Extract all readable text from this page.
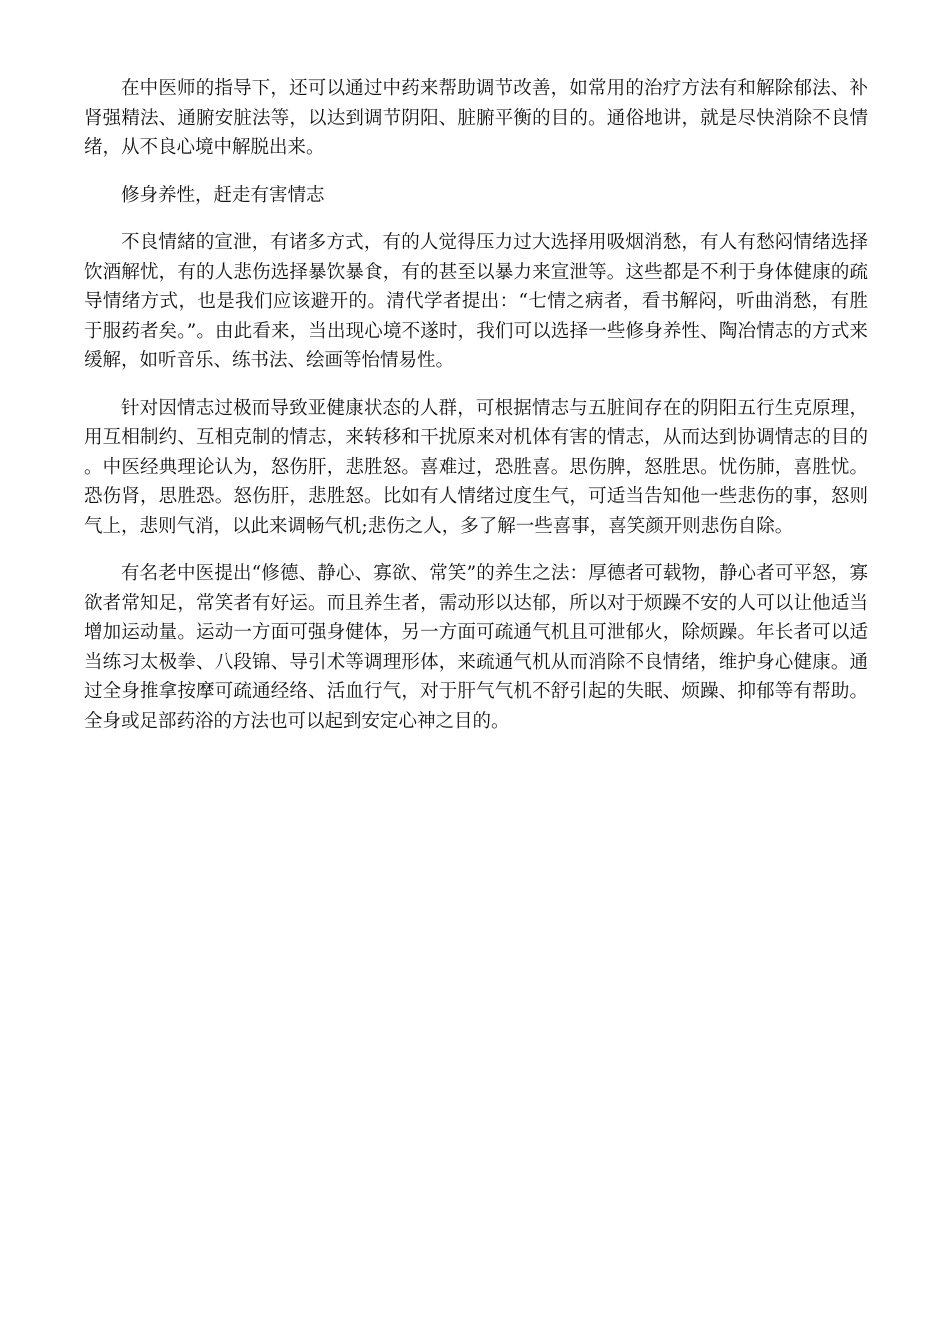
在中医师的指导下，还可以通过中药来帮助调节改善，如常用的治疗方法有和解除郁法、补肾强精法、通腑安脏法等，以达到调节阴阳、脏腑平衡的目的。通俗地讲，就是尽快消除不良情绪，从不良心境中解脱出来。

修身养性，赶走有害情志

不良情緒的宣泄，有诸多方式，有的人觉得压力过大选择用吸烟消愁，有人有愁闷情绪选择饮酒解忧，有的人悲伤选择暴饮暴食，有的甚至以暴力来宣泄等。这些都是不利于身体健康的疏导情绪方式，也是我们应该避开的。清代学者提出：“七情之病者，看书解闷，听曲消愁，有胜于服药者矣。”。由此看来，当出现心境不遂时，我们可以选择一些修身养性、陶冶情志的方式来缓解，如听音乐、练书法、绘画等怡情易性。

针对因情志过极而导致亚健康状态的人群，可根据情志与五脏间存在的阴阳五行生克原理，用互相制约、互相克制的情志，来转移和干扰原来对机体有害的情志，从而达到协调情志的目的。中医经典理论认为，怒伤肝，悲胜怒。喜难过，恐胜喜。思伤脾，怒胜思。忧伤肺，喜胜忧。恐伤肾，思胜恐。怒伤肝，悲胜怒。比如有人情绪过度生气，可适当告知他一些悲伤的事，怒则气上，悲则气消，以此来调畅气机;悲伤之人，多了解一些喜事，喜笑颜开则悲伤自除。

有名老中医提出“修德、静心、寡欲、常笑”的养生之法：厚德者可载物，静心者可平怒，寡欲者常知足，常笑者有好运。而且养生者，需动形以达郁，所以对于烦躁不安的人可以让他适当增加运动量。运动一方面可强身健体，另一方面可疏通气机且可泄郁火，除烦躁。年长者可以适当练习太极拳、八段锦、导引术等调理形体，来疏通气机从而消除不良情绪，维护身心健康。通过全身推拿按摩可疏通经络、活血行气，对于肝气气机不舒引起的失眠、烦躁、抑郁等有帮助。全身或足部药浴的方法也可以起到安定心神之目的。
